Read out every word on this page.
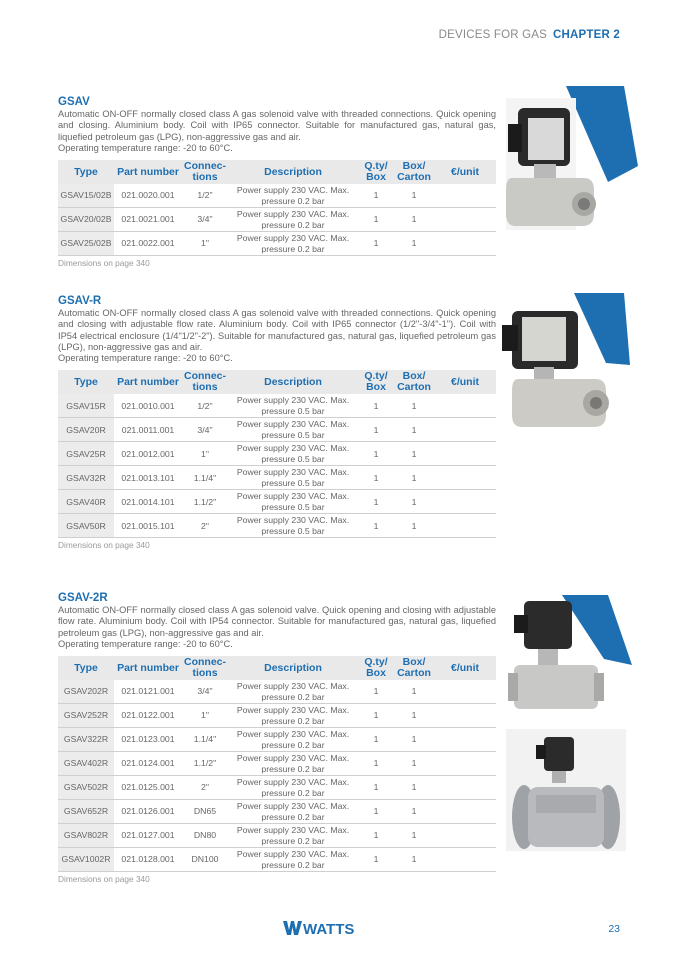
DEVICES FOR GAS CHAPTER 2
GSAV

Automatic ON-OFF normally closed class A gas solenoid valve with threaded connections. Quick opening and closing. Aluminium body. Coil with IP65 connector. Suitable for manufactured gas, natural gas, liquefied petroleum gas (LPG), non-aggressive gas and air.

Operating temperature range: -20 to 60°C.

Type	Part number	Connec-
tions	Description	Q.ty/
Box	Box/
Carton	€/unit
GSAV15/02B	021.0020.001	1/2"	Power supply 230 VAC. Max.
pressure 0.2 bar	1	1	
GSAV20/02B	021.0021.001	3/4"	Power supply 230 VAC. Max.
pressure 0.2 bar	1	1	
GSAV25/02B	021.0022.001	1"	Power supply 230 VAC. Max.
pressure 0.2 bar	1	1	
Dimensions on page 340
GSAV-R

Automatic ON-OFF normally closed class A gas solenoid valve with threaded connections. Quick opening and closing with adjustable flow rate. Aluminium body. Coil with IP65 connector (1/2"-3/4"-1"). Coil with IP54 electrical enclosure (1/4"1/2"-2"). Suitable for manufactured gas, natural gas, liquefied petroleum gas (LPG), non-aggressive gas and air.

Operating temperature range: -20 to 60°C.

Type	Part number	Connec-
tions	Description	Q.ty/
Box	Box/
Carton	€/unit
GSAV15R	021.0010.001	1/2"	Power supply 230 VAC. Max.
pressure 0.5 bar	1	1	
GSAV20R	021.0011.001	3/4"	Power supply 230 VAC. Max.
pressure 0.5 bar	1	1	
GSAV25R	021.0012.001	1"	Power supply 230 VAC. Max.
pressure 0.5 bar	1	1	
GSAV32R	021.0013.101	1.1/4"	Power supply 230 VAC. Max.
pressure 0.5 bar	1	1	
GSAV40R	021.0014.101	1.1/2"	Power supply 230 VAC. Max.
pressure 0.5 bar	1	1	
GSAV50R	021.0015.101	2"	Power supply 230 VAC. Max.
pressure 0.5 bar	1	1	
Dimensions on page 340
GSAV-2R

Automatic ON-OFF normally closed class A gas solenoid valve. Quick opening and closing with adjustable flow rate. Aluminium body. Coil with IP54 connector. Suitable for manufactured gas, natural gas, liquefied petroleum gas (LPG), non-aggressive gas and air.

Operating temperature range: -20 to 60°C.

Type	Part number	Connec-
tions	Description	Q.ty/
Box	Box/
Carton	€/unit
GSAV202R	021.0121.001	3/4"	Power supply 230 VAC. Max.
pressure 0.2 bar	1	1	
GSAV252R	021.0122.001	1"	Power supply 230 VAC. Max.
pressure 0.2 bar	1	1	
GSAV322R	021.0123.001	1.1/4"	Power supply 230 VAC. Max.
pressure 0.2 bar	1	1	
GSAV402R	021.0124.001	1.1/2"	Power supply 230 VAC. Max.
pressure 0.2 bar	1	1	
GSAV502R	021.0125.001	2"	Power supply 230 VAC. Max.
pressure 0.2 bar	1	1	
GSAV652R	021.0126.001	DN65	Power supply 230 VAC. Max.
pressure 0.2 bar	1	1	
GSAV802R	021.0127.001	DN80	Power supply 230 VAC. Max.
pressure 0.2 bar	1	1	
GSAV1002R	021.0128.001	DN100	Power supply 230 VAC. Max.
pressure 0.2 bar	1	1	
Dimensions on page 340
WATTS	23
